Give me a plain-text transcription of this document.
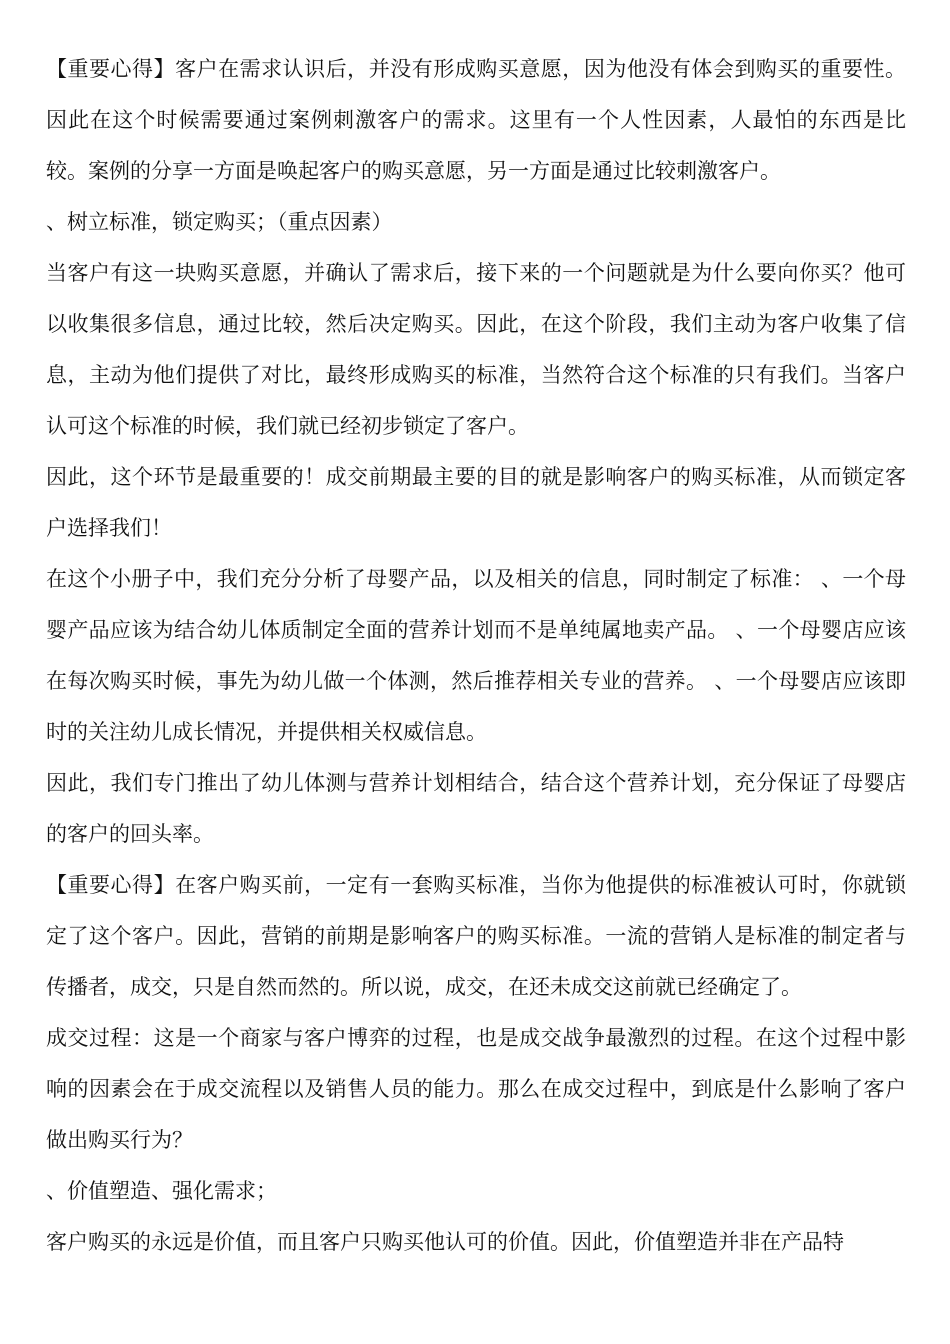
【重要心得】客户在需求认识后，并没有形成购买意愿，因为他没有体会到购买的重要性。因此在这个时候需要通过案例刺激客户的需求。这里有一个人性因素，人最怕的东西是比较。案例的分享一方面是唤起客户的购买意愿，另一方面是通过比较刺激客户。

、树立标准，锁定购买；（重点因素）

当客户有这一块购买意愿，并确认了需求后，接下来的一个问题就是为什么要向你买？他可以收集很多信息，通过比较，然后决定购买。因此，在这个阶段，我们主动为客户收集了信息，主动为他们提供了对比，最终形成购买的标准，当然符合这个标准的只有我们。当客户认可这个标准的时候，我们就已经初步锁定了客户。

因此，这个环节是最重要的！成交前期最主要的目的就是影响客户的购买标准，从而锁定客户选择我们！

在这个小册子中，我们充分分析了母婴产品，以及相关的信息，同时制定了标准： 、一个母婴产品应该为结合幼儿体质制定全面的营养计划而不是单纯属地卖产品。 、一个母婴店应该在每次购买时候，事先为幼儿做一个体测，然后推荐相关专业的营养。 、一个母婴店应该即时的关注幼儿成长情况，并提供相关权威信息。

因此，我们专门推出了幼儿体测与营养计划相结合，结合这个营养计划，充分保证了母婴店的客户的回头率。

【重要心得】在客户购买前，一定有一套购买标准，当你为他提供的标准被认可时，你就锁定了这个客户。因此，营销的前期是影响客户的购买标准。一流的营销人是标准的制定者与传播者，成交，只是自然而然的。所以说，成交，在还未成交这前就已经确定了。

成交过程：这是一个商家与客户博弈的过程，也是成交战争最激烈的过程。在这个过程中影响的因素会在于成交流程以及销售人员的能力。那么在成交过程中，到底是什么影响了客户做出购买行为？

、价值塑造、强化需求；

客户购买的永远是价值，而且客户只购买他认可的价值。因此，价值塑造并非在产品特
